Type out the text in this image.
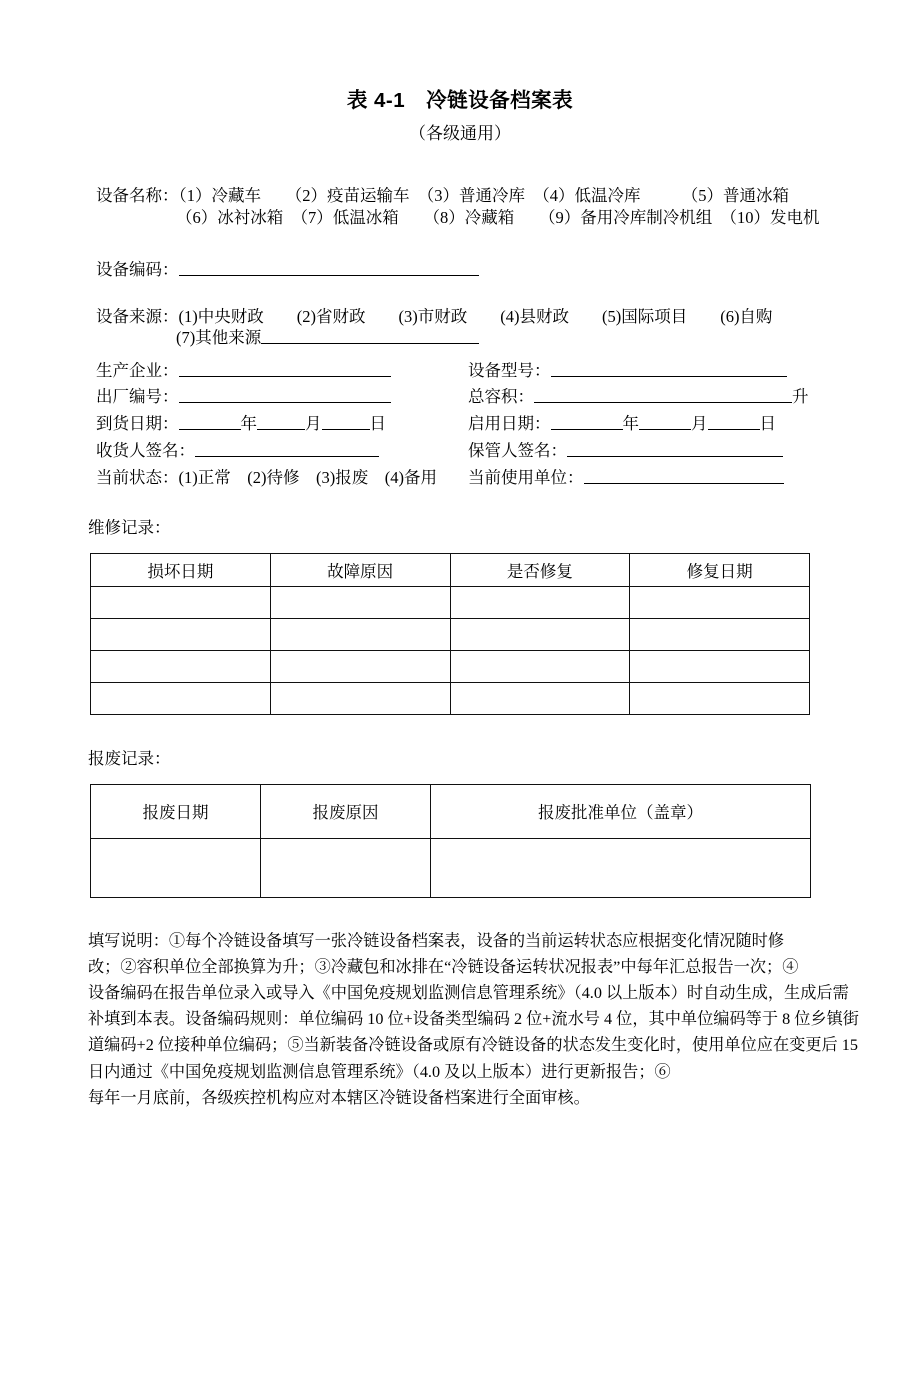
表 4-1　冷链设备档案表
（各级通用）
设备名称：（1）冷藏车　　（2）疫苗运输车　（3）普通冷库　（4）低温冷库　　　（5）普通冰箱
（6）冰衬冰箱　（7）低温冰箱　　（8）冷藏箱　　（9）备用冷库制冷机组　（10）发电机
设备编码：
设备来源：(1)中央财政　　(2)省财政　　(3)市财政　　(4)县财政　　(5)国际项目　　(6)自购
(7)其他来源
生产企业：	设备型号：
出厂编号：	总容积：	升
到货日期：	年	月	日	启用日期：	年	月	日
收货人签名：	保管人签名：
当前状态：(1)正常　(2)待修　(3)报废　(4)备用	当前使用单位：
维修记录：
损坏日期	故障原因	是否修复	修复日期

报废记录：
报废日期	报废原因	报废批准单位（盖章）

填写说明：①每个冷链设备填写一张冷链设备档案表，设备的当前运转状态应根据变化情况随时修
改；②容积单位全部换算为升；③冷藏包和冰排在“冷链设备运转状况报表”中每年汇总报告一次；④
设备编码在报告单位录入或导入《中国免疫规划监测信息管理系统》（4.0 以上版本）时自动生成，生成后需
补填到本表。设备编码规则：单位编码 10 位+设备类型编码 2 位+流水号 4 位，其中单位编码等于 8 位乡镇街
道编码+2 位接种单位编码；⑤当新装备冷链设备或原有冷链设备的状态发生变化时，使用单位应在变更后 15
日内通过《中国免疫规划监测信息管理系统》（4.0 及以上版本）进行更新报告；⑥
每年一月底前，各级疾控机构应对本辖区冷链设备档案进行全面审核。
